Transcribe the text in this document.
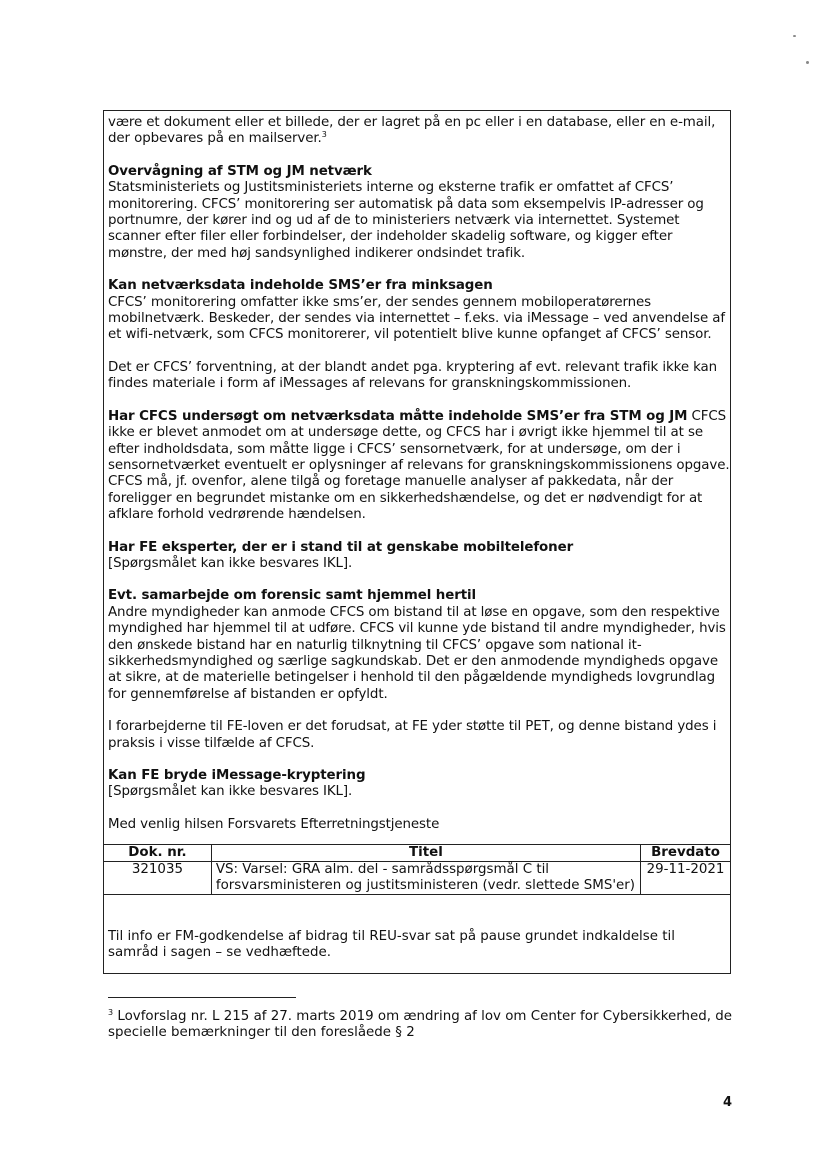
være et dokument eller et billede, der er lagret på en pc eller i en database, eller en e-mail, der opbevares på en mailserver.$^3$

Overvågning af STM og JM netværk
Statsministeriets og Justitsministeriets interne og eksterne trafik er omfattet af CFCS’ monitorering. CFCS’ monitorering ser automatisk på data som eksempelvis IP-adresser og portnumre, der kører ind og ud af de to ministeriers netværk via internettet. Systemet scanner efter filer eller forbindelser, der indeholder skadelig software, og kigger efter mønstre, der med høj sandsynlighed indikerer ondsindet trafik.

Kan netværksdata indeholde SMS’er fra minksagen
CFCS’ monitorering omfatter ikke sms’er, der sendes gennem mobiloperatørernes mobilnetværk. Beskeder, der sendes via internettet – f.eks. via iMessage – ved anvendelse af et wifi-netværk, som CFCS monitorerer, vil potentielt blive kunne opfanget af CFCS’ sensor.

Det er CFCS’ forventning, at der blandt andet pga. kryptering af evt. relevant trafik ikke kan findes materiale i form af iMessages af relevans for granskningskommissionen.

Har CFCS undersøgt om netværksdata måtte indeholde SMS’er fra STM og JM CFCS ikke er blevet anmodet om at undersøge dette, og CFCS har i øvrigt ikke hjemmel til at se efter indholdsdata, som måtte ligge i CFCS’ sensornetværk, for at undersøge, om der i sensornetværket eventuelt er oplysninger af relevans for granskningskommissionens opgave. CFCS må, jf. ovenfor, alene tilgå og foretage manuelle analyser af pakkedata, når der foreligger en begrundet mistanke om en sikkerhedshændelse, og det er nødvendigt for at afklare forhold vedrørende hændelsen.

Har FE eksperter, der er i stand til at genskabe mobiltelefoner
[Spørgsmålet kan ikke besvares IKL].

Evt. samarbejde om forensic samt hjemmel hertil
Andre myndigheder kan anmode CFCS om bistand til at løse en opgave, som den respektive myndighed har hjemmel til at udføre. CFCS vil kunne yde bistand til andre myndigheder, hvis den ønskede bistand har en naturlig tilknytning til CFCS’ opgave som national it-sikkerhedsmyndighed og særlige sagkundskab. Det er den anmodende myndigheds opgave at sikre, at de materielle betingelser i henhold til den pågældende myndigheds lovgrundlag for gennemførelse af bistanden er opfyldt.

I forarbejderne til FE-loven er det forudsat, at FE yder støtte til PET, og denne bistand ydes i praksis i visse tilfælde af CFCS.

Kan FE bryde iMessage-kryptering
[Spørgsmålet kan ikke besvares IKL].

Med venlig hilsen Forsvarets Efterretningstjeneste

Dok. nr.	Titel	Brevdato
321035	VS: Varsel: GRA alm. del - samrådsspørgsmål C til forsvarsministeren og justitsministeren (vedr. slettede SMS'er)	29-11-2021
Til info er FM-godkendelse af bidrag til REU-svar sat på pause grundet indkaldelse til samråd i sagen – se vedhæftede.
$^3$ Lovforslag nr. L 215 af 27. marts 2019 om ændring af lov om Center for Cybersikkerhed, de specielle bemærkninger til den foreslåede § 2
4
